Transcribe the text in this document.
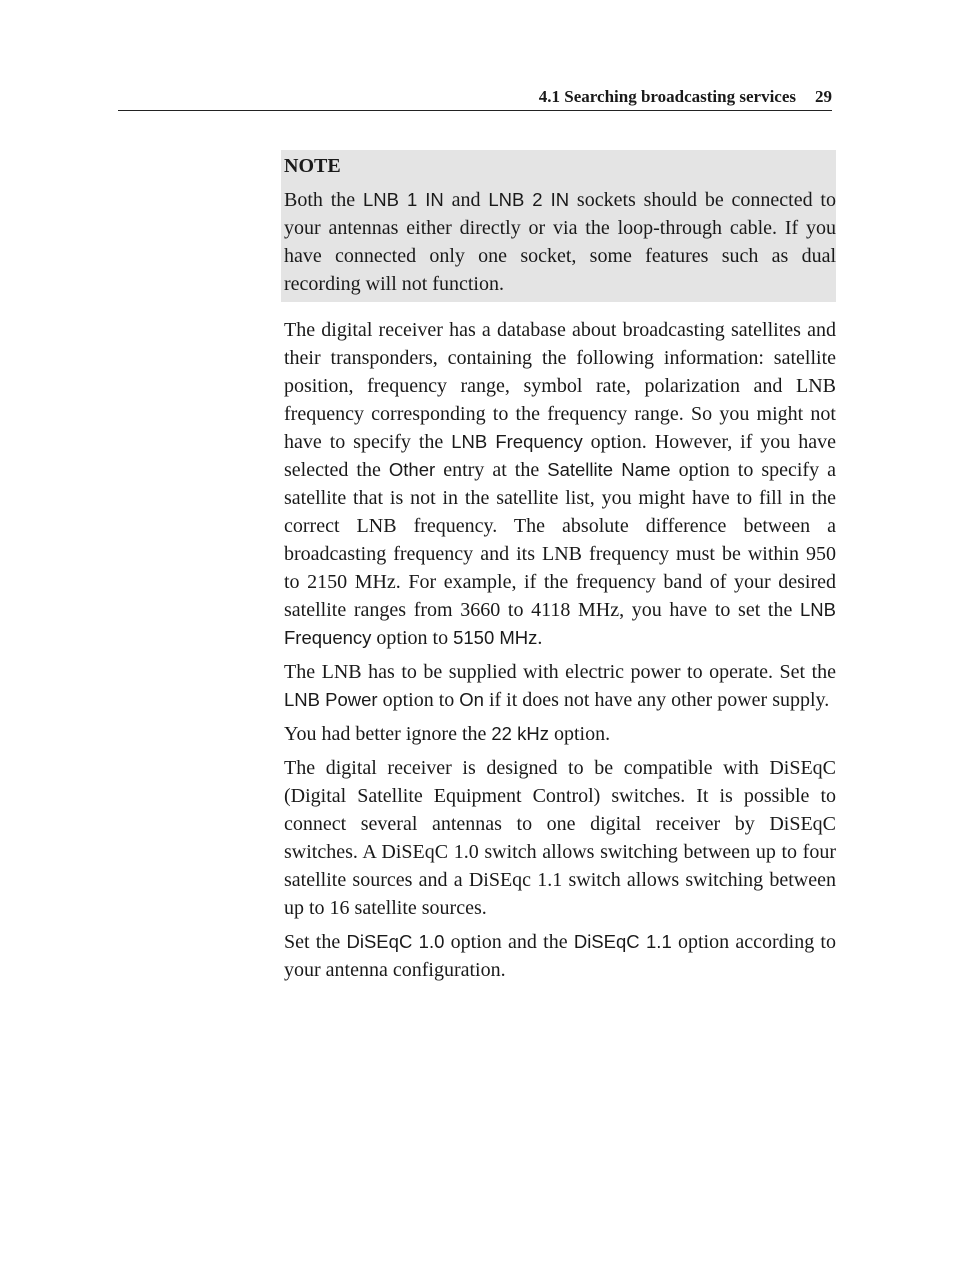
4.1 Searching broadcasting services 29
NOTE

Both the LNB 1 IN and LNB 2 IN sockets should be connected to your antennas either directly or via the loop-through cable. If you have connected only one socket, some features such as dual recording will not function.

The digital receiver has a database about broadcasting satellites and their transponders, containing the following information: satellite position, frequency range, symbol rate, polarization and LNB frequency corresponding to the frequency range. So you might not have to specify the LNB Frequency option. However, if you have selected the Other entry at the Satellite Name option to specify a satellite that is not in the satellite list, you might have to fill in the correct LNB frequency. The absolute difference between a broadcasting frequency and its LNB frequency must be within 950 to 2150 MHz. For example, if the frequency band of your desired satellite ranges from 3660 to 4118 MHz, you have to set the LNB Frequency option to 5150 MHz.

The LNB has to be supplied with electric power to operate. Set the LNB Power option to On if it does not have any other power supply.

You had better ignore the 22 kHz option.

The digital receiver is designed to be compatible with DiSEqC (Digital Satellite Equipment Control) switches. It is possible to connect several antennas to one digital receiver by DiSEqC switches. A DiSEqC 1.0 switch allows switching between up to four satellite sources and a DiSEqc 1.1 switch allows switching between up to 16 satellite sources.

Set the DiSEqC 1.0 option and the DiSEqC 1.1 option according to your antenna configuration.
